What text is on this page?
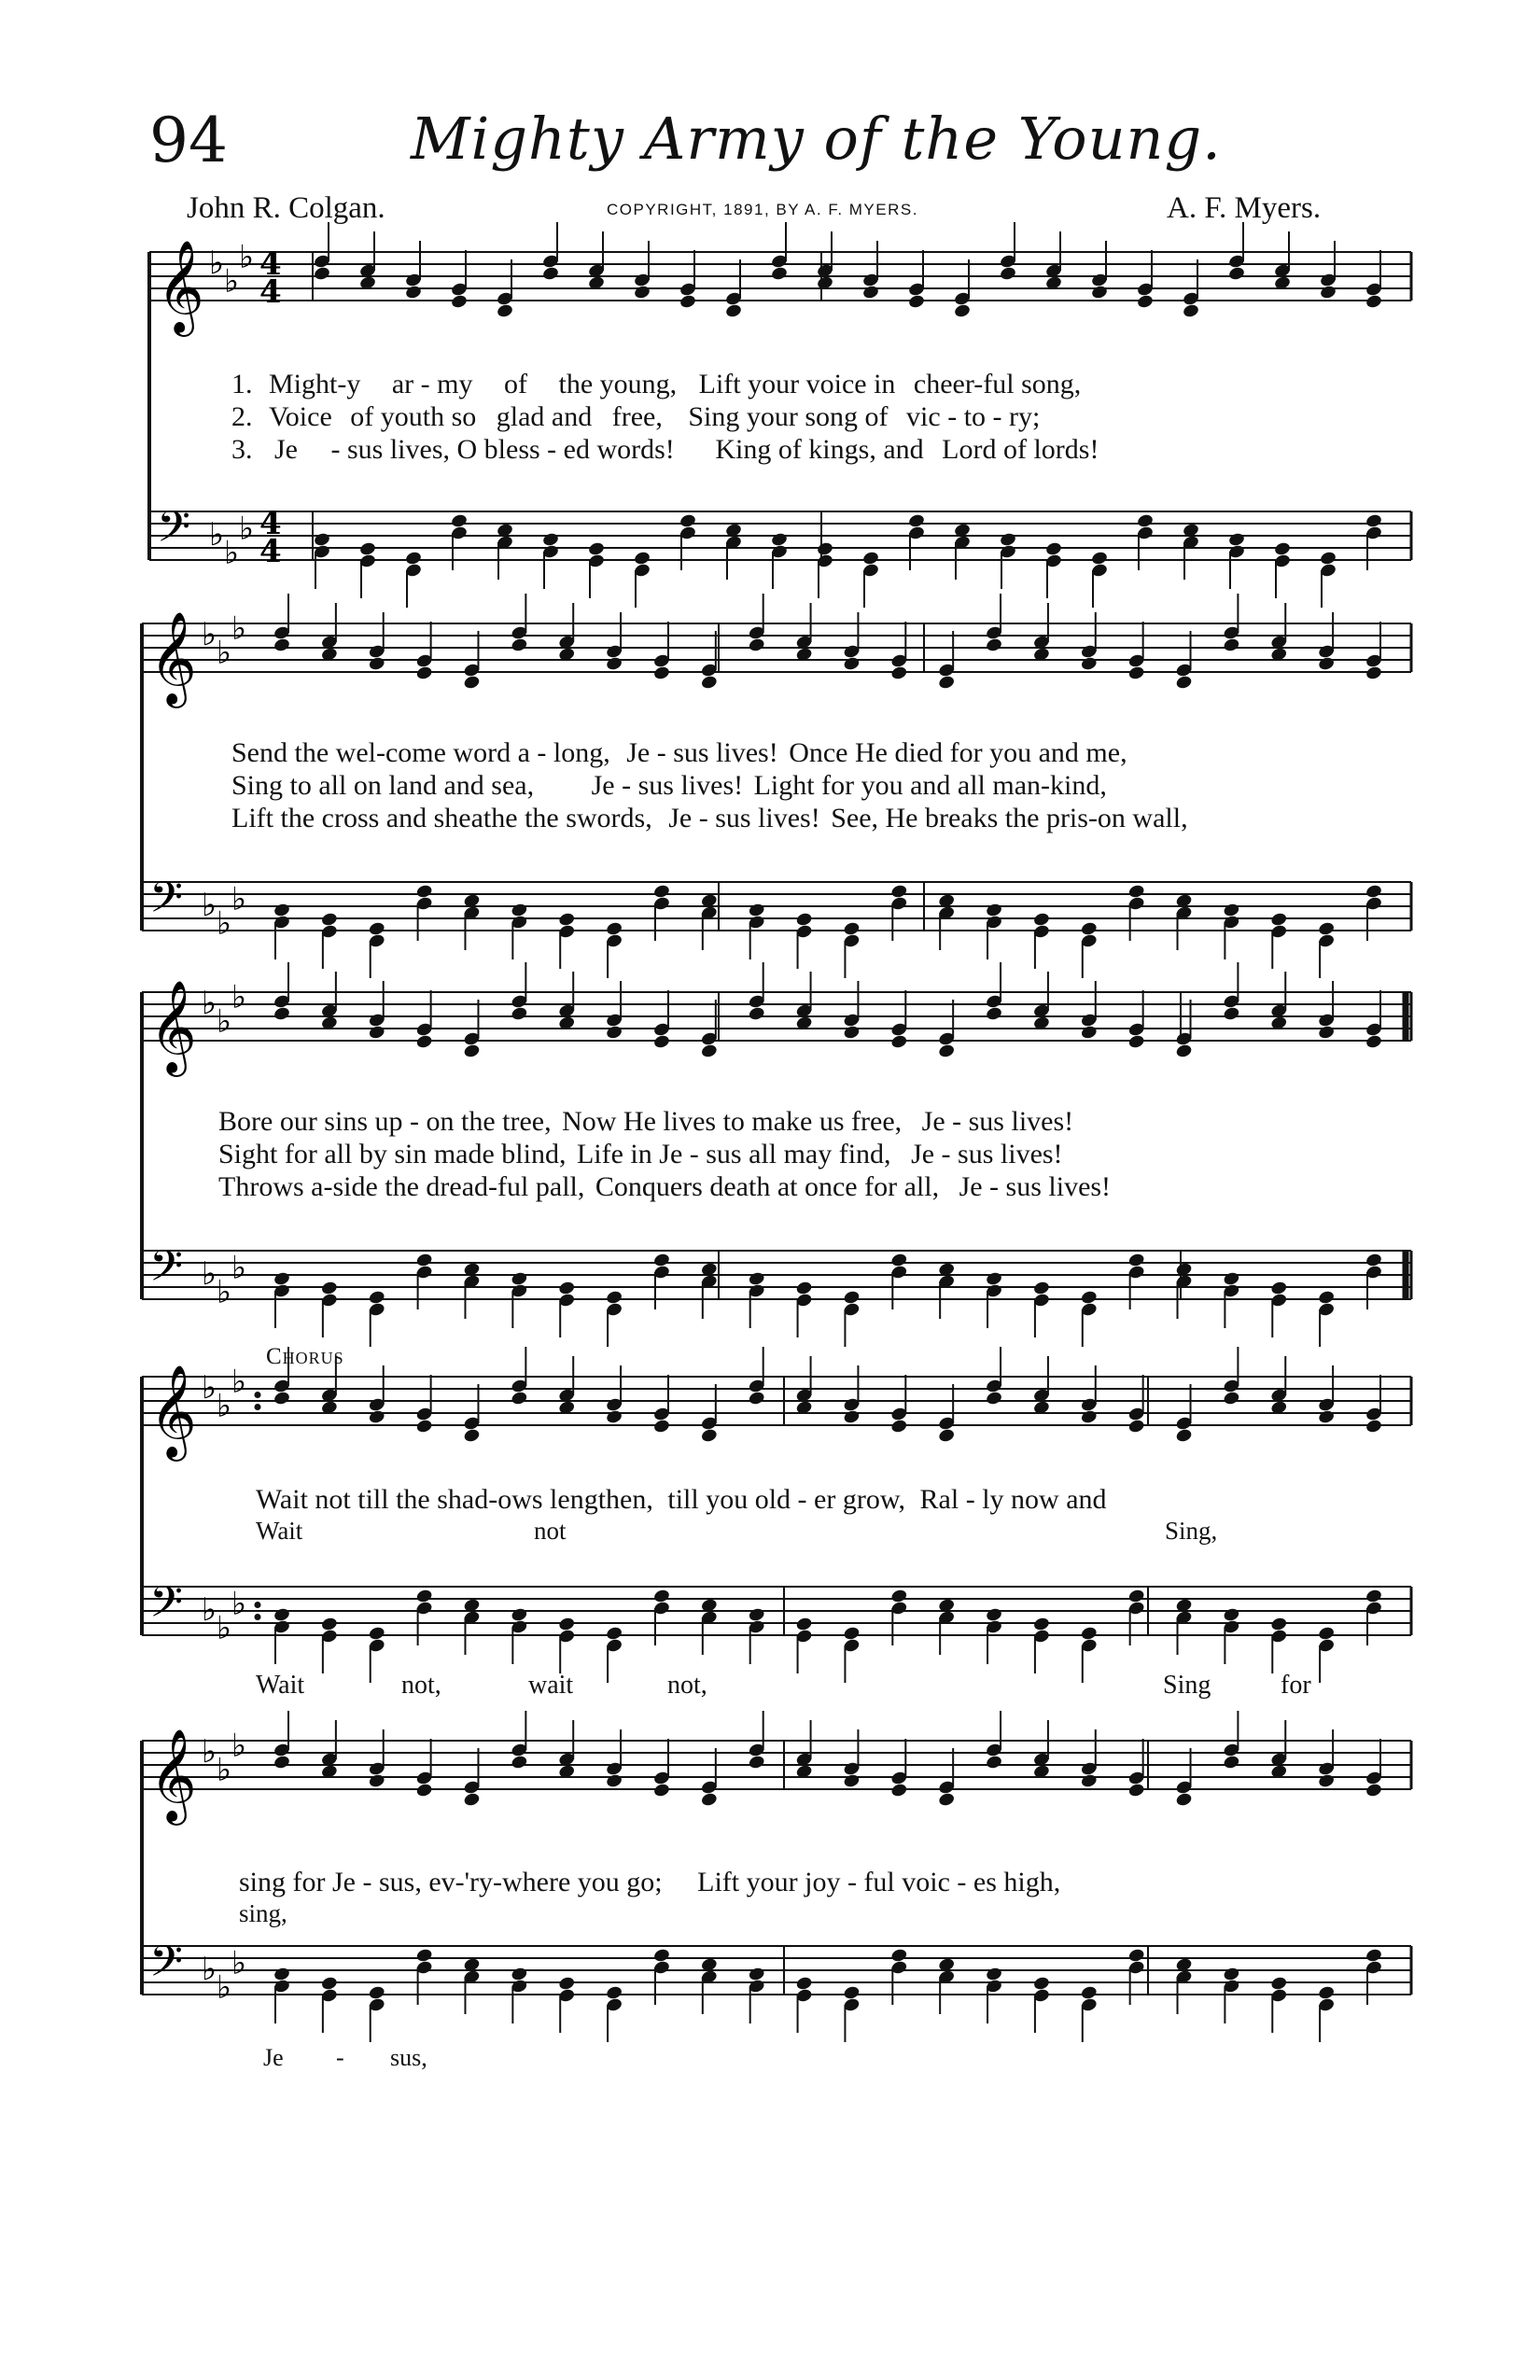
94	Mighty Army of the Young.
John R. Colgan.	COPYRIGHT, 1891, BY A. F. MYERS.	A. F. Myers.
𝄞 ♭ ♭
♭ 4
4
𝄢 ♭ ♭
♭ 4
4
𝄞 ♭ ♭
♭
𝄢 ♭ ♭
♭
𝄞 ♭ ♭
♭
𝄢 ♭ ♭
♭
𝄞 ♭ ♭
♭
𝄢 ♭ ♭
♭
𝄞 ♭ ♭
♭
𝄢 ♭ ♭
♭
1. Might-y ar - my of the young, Lift your voice in cheer-ful song,
2. Voice of youth so glad and free, Sing your song of vic - to - ry;
3. Je - sus lives, O bless - ed words! King of kings, and Lord of lords!
Send the wel-come word a - long, Je - sus lives! Once He died for you and me,
Sing to all on land and sea, Je - sus lives! Light for you and all man-kind,
Lift the cross and sheathe the swords, Je - sus lives! See, He breaks the pris-on wall,
Bore our sins up - on the tree, Now He lives to make us free, Je - sus lives!
Sight for all by sin made blind, Life in Je - sus all may find, Je - sus lives!
Throws a-side the dread-ful pall, Conquers death at once for all, Je - sus lives!
Chorus
Wait not till the shad-ows lengthen, till you old - er grow, Ral - ly now and
Wait	not	Sing,
Wait	not,	wait	not,	Sing	for
sing for Je - sus, ev-'ry-where you go; Lift your joy - ful voic - es high,
sing,
Je - sus,
